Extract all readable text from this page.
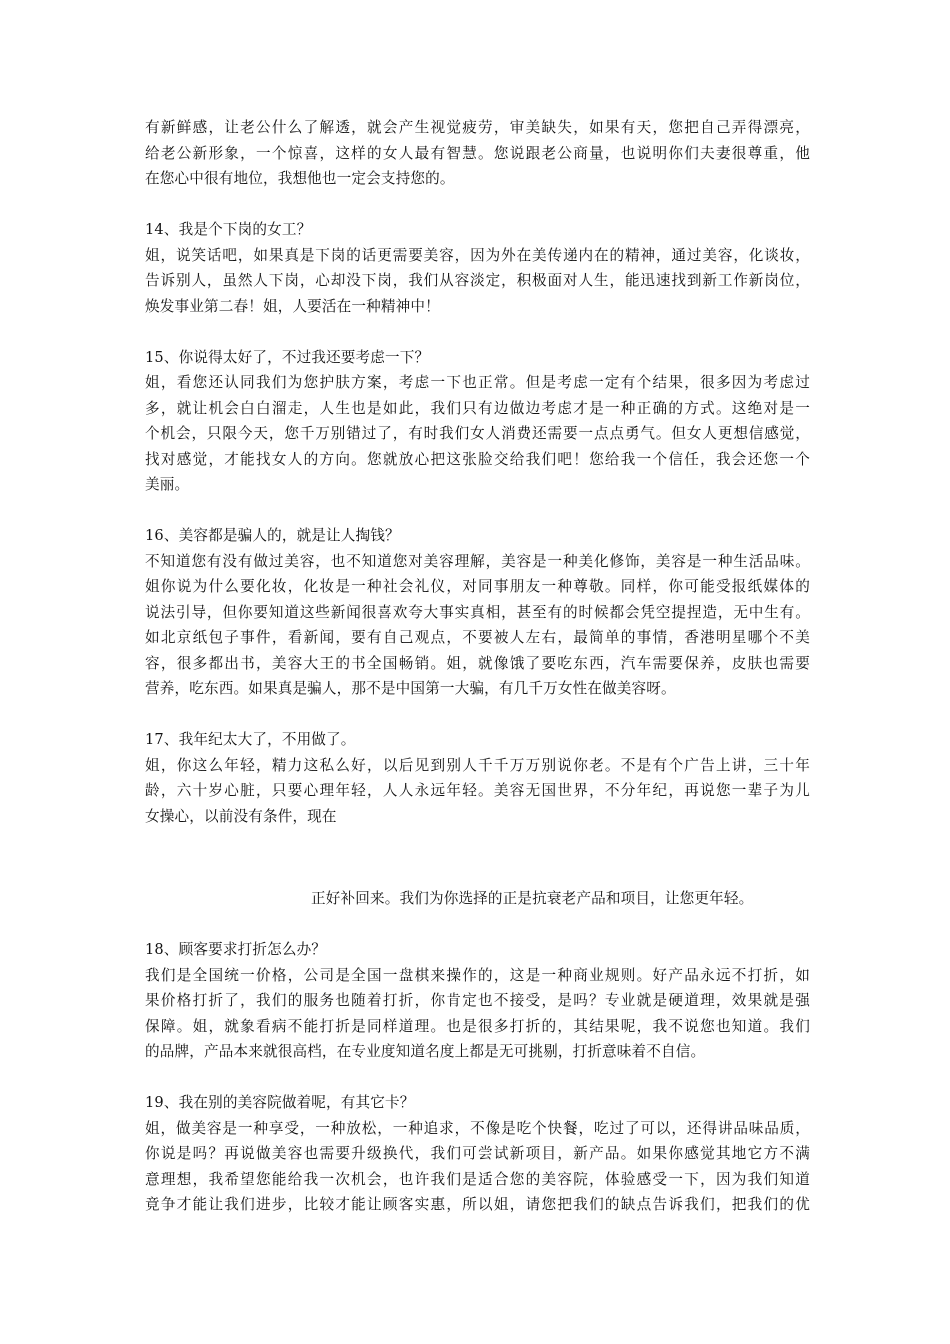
有新鲜感，让老公什么了解透，就会产生视觉疲劳，审美缺失，如果有天，您把自己弄得漂亮，
给老公新形象，一个惊喜，这样的女人最有智慧。您说跟老公商量，也说明你们夫妻很尊重，他
在您心中很有地位，我想他也一定会支持您的。
14、我是个下岗的女工？
姐，说笑话吧，如果真是下岗的话更需要美容，因为外在美传递内在的精神，通过美容，化谈妆，
告诉别人，虽然人下岗，心却没下岗，我们从容淡定，积极面对人生，能迅速找到新工作新岗位，
焕发事业第二春！姐，人要活在一种精神中！
15、你说得太好了，不过我还要考虑一下？
姐，看您还认同我们为您护肤方案，考虑一下也正常。但是考虑一定有个结果，很多因为考虑过
多，就让机会白白溜走，人生也是如此，我们只有边做边考虑才是一种正确的方式。这绝对是一
个机会，只限今天，您千万别错过了，有时我们女人消费还需要一点点勇气。但女人更想信感觉，
找对感觉，才能找女人的方向。您就放心把这张脸交给我们吧！您给我一个信任，我会还您一个
美丽。
16、美容都是骗人的，就是让人掏钱？
不知道您有没有做过美容，也不知道您对美容理解，美容是一种美化修饰，美容是一种生活品味。
姐你说为什么要化妆，化妆是一种社会礼仪，对同事朋友一种尊敬。同样，你可能受报纸媒体的
说法引导，但你要知道这些新闻很喜欢夸大事实真相，甚至有的时候都会凭空提捏造，无中生有。
如北京纸包子事件，看新闻，要有自己观点，不要被人左右，最简单的事情，香港明星哪个不美
容，很多都出书，美容大王的书全国畅销。姐，就像饿了要吃东西，汽车需要保养，皮肤也需要
营养，吃东西。如果真是骗人，那不是中国第一大骗，有几千万女性在做美容呀。
17、我年纪太大了，不用做了。
姐，你这么年轻，精力这私么好，以后见到别人千千万万别说你老。不是有个广告上讲，三十年
龄，六十岁心脏，只要心理年轻，人人永远年轻。美容无国世界，不分年纪，再说您一辈子为儿
女操心，以前没有条件，现在
正好补回来。我们为你选择的正是抗衰老产品和项目，让您更年轻。
18、顾客要求打折怎么办？
我们是全国统一价格，公司是全国一盘棋来操作的，这是一种商业规则。好产品永远不打折，如
果价格打折了，我们的服务也随着打折，你肯定也不接受，是吗？专业就是硬道理，效果就是强
保障。姐，就象看病不能打折是同样道理。也是很多打折的，其结果呢，我不说您也知道。我们
的品牌，产品本来就很高档，在专业度知道名度上都是无可挑剔，打折意味着不自信。
19、我在别的美容院做着呢，有其它卡？
姐，做美容是一种享受，一种放松，一种追求，不像是吃个快餐，吃过了可以，还得讲品味品质，
你说是吗？再说做美容也需要升级换代，我们可尝试新项目，新产品。如果你感觉其地它方不满
意理想，我希望您能给我一次机会，也许我们是适合您的美容院，体验感受一下，因为我们知道
竟争才能让我们进步，比较才能让顾客实惠，所以姐，请您把我们的缺点告诉我们，把我们的优
